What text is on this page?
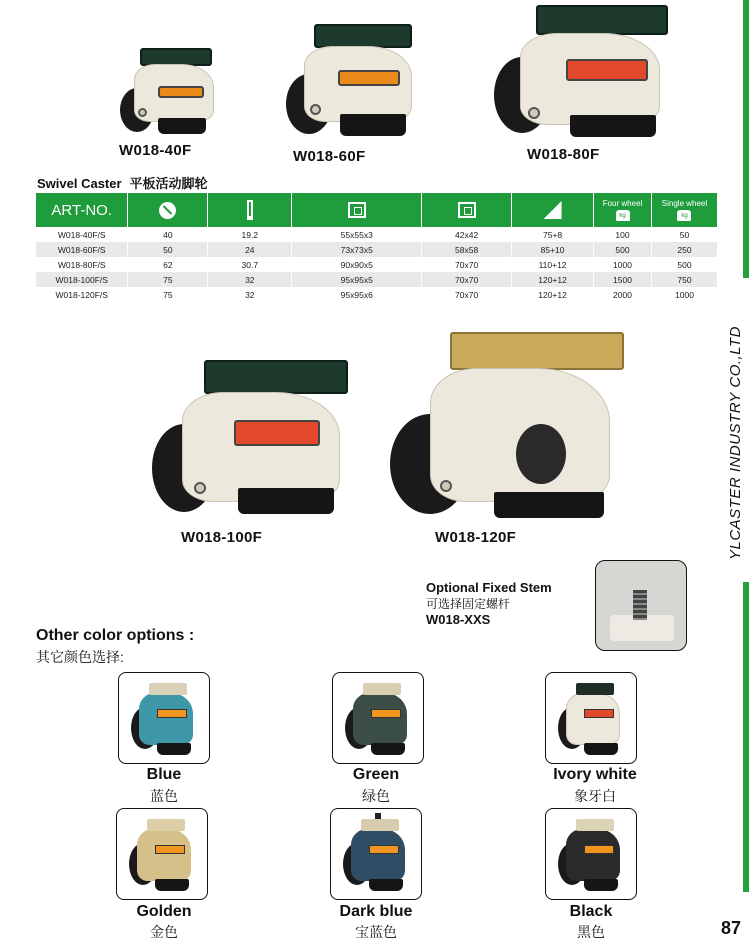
YLCASTER INDUSTRY CO.,LTD
87
W018-40F	W018-60F	W018-80F
Swivel Caster 平板活动脚轮
ART-NO.						Four wheel
kg	Single wheel
kg
W018-40F/S	40	19.2	55x55x3	42x42	75+8	100	50
W018-60F/S	50	24	73x73x5	58x58	85+10	500	250
W018-80F/S	62	30.7	90x90x5	70x70	110+12	1000	500
W018-100F/S	75	32	95x95x5	70x70	120+12	1500	750
W018-120F/S	75	32	95x95x6	70x70	120+12	2000	1000
W018-100F	W018-120F
Optional Fixed Stem
可选择固定螺杆
W018-XXS
Other color options :
其它颜色选择:
Blue
蓝色
Green
绿色
Ivory white
象牙白
Golden
金色
Dark blue
宝蓝色
Black
黑色
